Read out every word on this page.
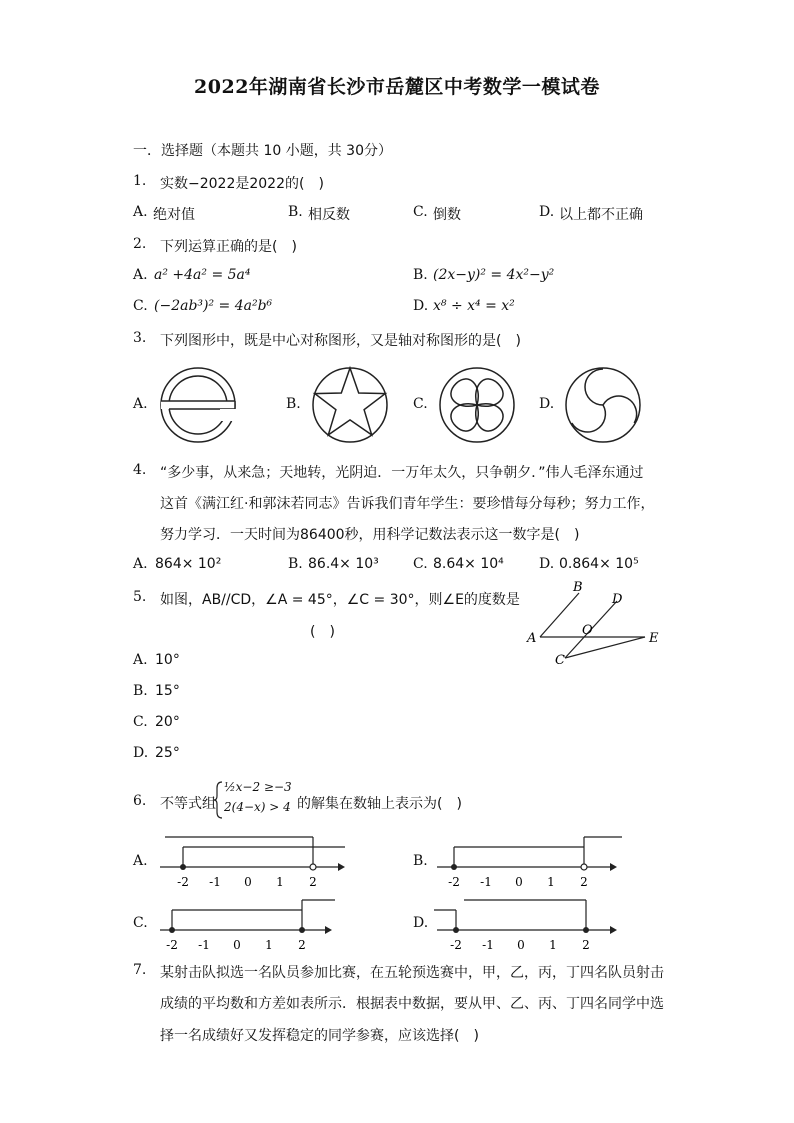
2022年湖南省长沙市岳麓区中考数学一模试卷
一．选择题（本题共 10 小题，共 30分）
1. 实数−2022是2022的(　)
A. 绝对值	B. 相反数	C. 倒数	D. 以上都不正确
2. 下列运算正确的是(　)
A. a² +4a² = 5a⁴	B. (2x−y)² = 4x²−y²
C. (−2ab³)² = 4a²b⁶	D. x⁸ ÷ x⁴ = x²
3. 下列图形中，既是中心对称图形，又是轴对称图形的是(　)
A.	B.	C.	D.
4. “多少事，从来急；天地转，光阴迫．一万年太久，只争朝夕．”伟人毛泽东通过
这首《满江红·和郭沫若同志》告诉我们青年学生：要珍惜每分每秒；努力工作，
努力学习．一天时间为86400秒，用科学记数法表示这一数字是(　)
A. 864× 10²	B. 86.4× 10³ C. 8.64× 10⁴	D. 0.864× 10⁵
5. 如图，AB//CD，∠A = 45°，∠C = 30°，则∠E的度数是
(　)	A
B
C
D
E
O
A. 10°
B. 15°
C. 20°
D. 25°
6. 不等式组
½x−2 ≥−3
2(4−x) > 4 的解集在数轴上表示为(　)
A.
-2 -1 0 1 2
B.
-2 -1 0 1 2
C.
-2 -1 0 1 2
D.
-2 -1 0 1 2
7. 某射击队拟选一名队员参加比赛，在五轮预选赛中，甲，乙，丙，丁四名队员射击
成绩的平均数和方差如表所示．根据表中数据，要从甲、乙、丙、丁四名同学中选
择一名成绩好又发挥稳定的同学参赛，应该选择(　)
